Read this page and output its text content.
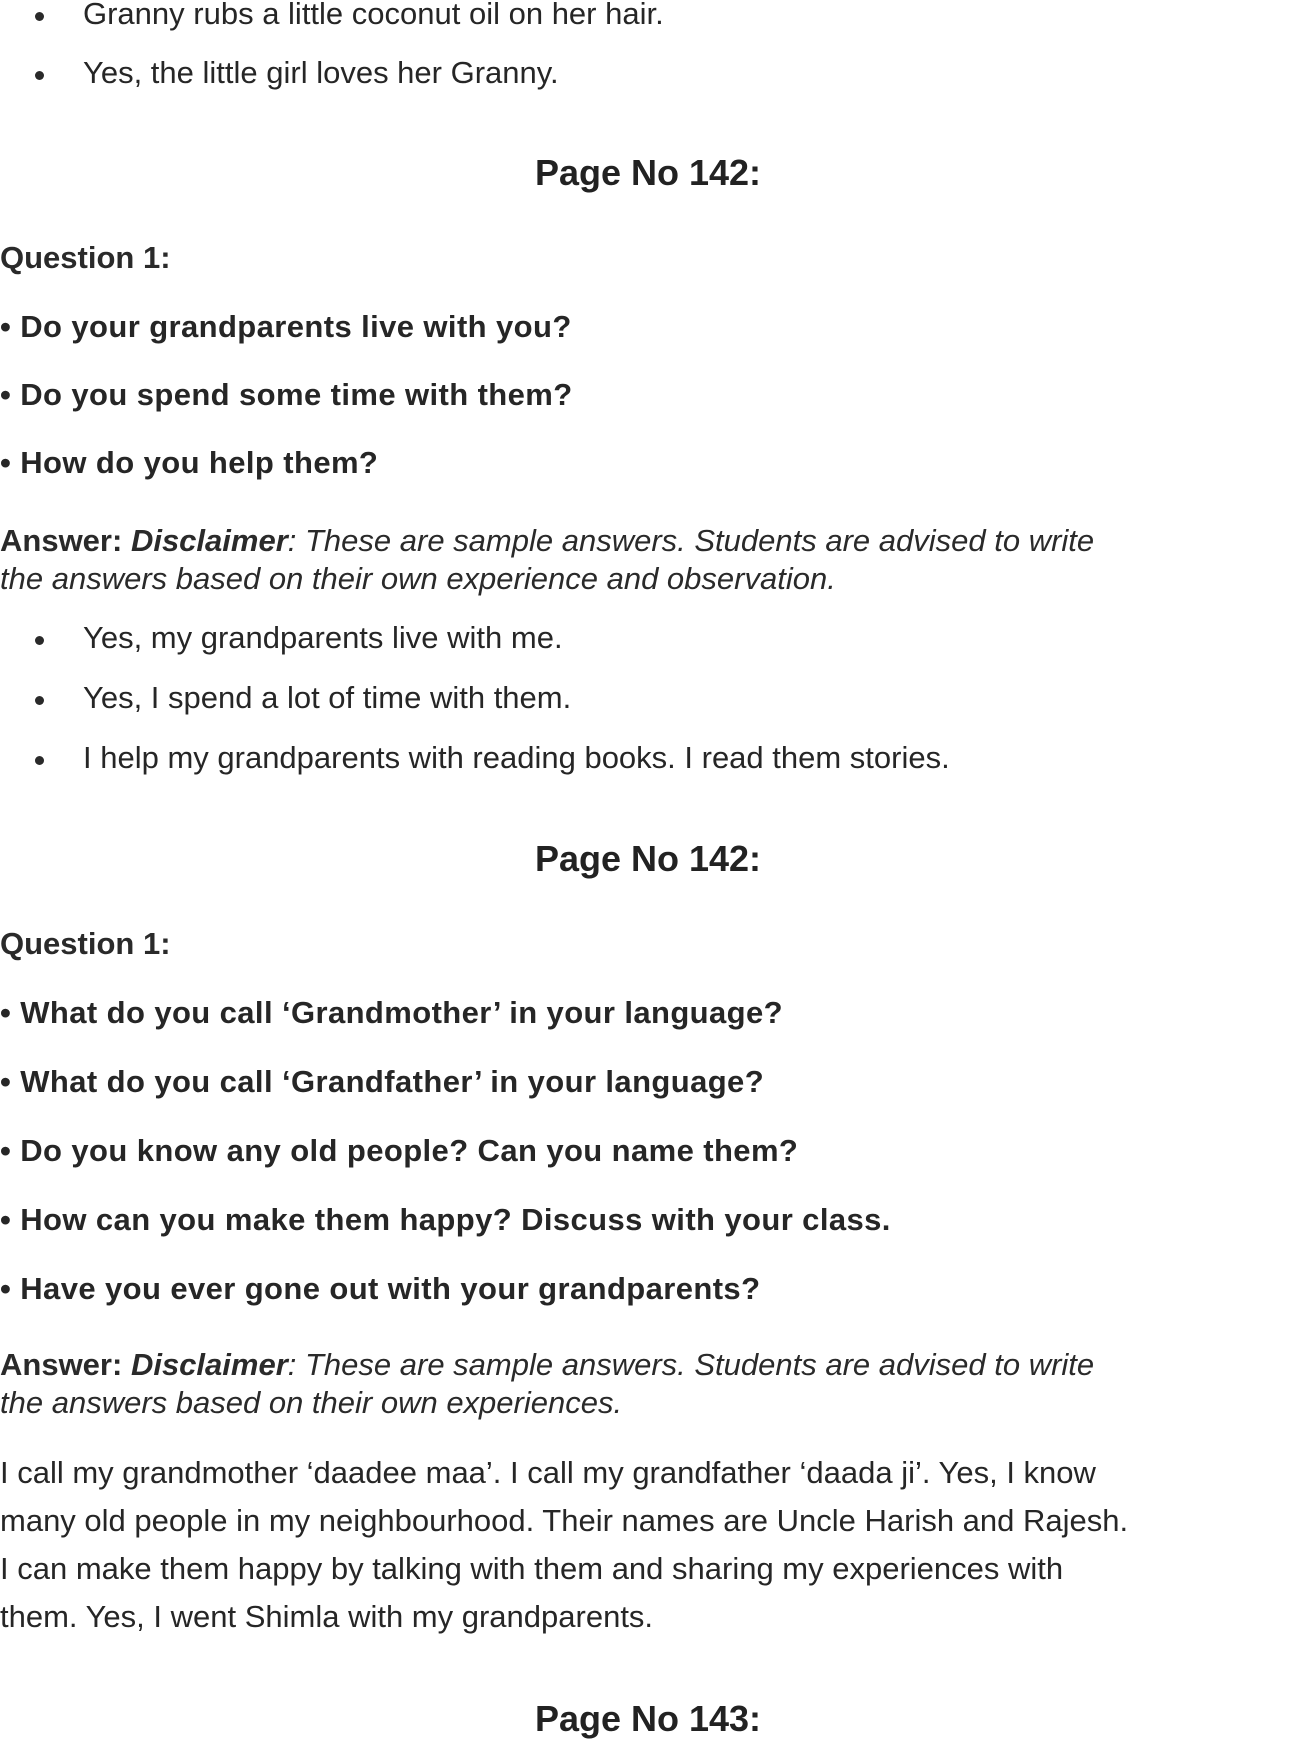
Granny rubs a little coconut oil on her hair.
Yes, the little girl loves her Granny.
Page No 142:
Question 1:
• Do your grandparents live with you?
• Do you spend some time with them?
• How do you help them?
Answer: Disclaimer: These are sample answers. Students are advised to write
the answers based on their own experience and observation.
Yes, my grandparents live with me.
Yes, I spend a lot of time with them.
I help my grandparents with reading books. I read them stories.
Page No 142:
Question 1:
• What do you call ‘Grandmother’ in your language?
• What do you call ‘Grandfather’ in your language?
• Do you know any old people? Can you name them?
• How can you make them happy? Discuss with your class.
• Have you ever gone out with your grandparents?
Answer: Disclaimer: These are sample answers. Students are advised to write
the answers based on their own experiences.
I call my grandmother ‘daadee maa’. I call my grandfather ‘daada ji’. Yes, I know
many old people in my neighbourhood. Their names are Uncle Harish and Rajesh.
I can make them happy by talking with them and sharing my experiences with
them. Yes, I went Shimla with my grandparents.
Page No 143:
